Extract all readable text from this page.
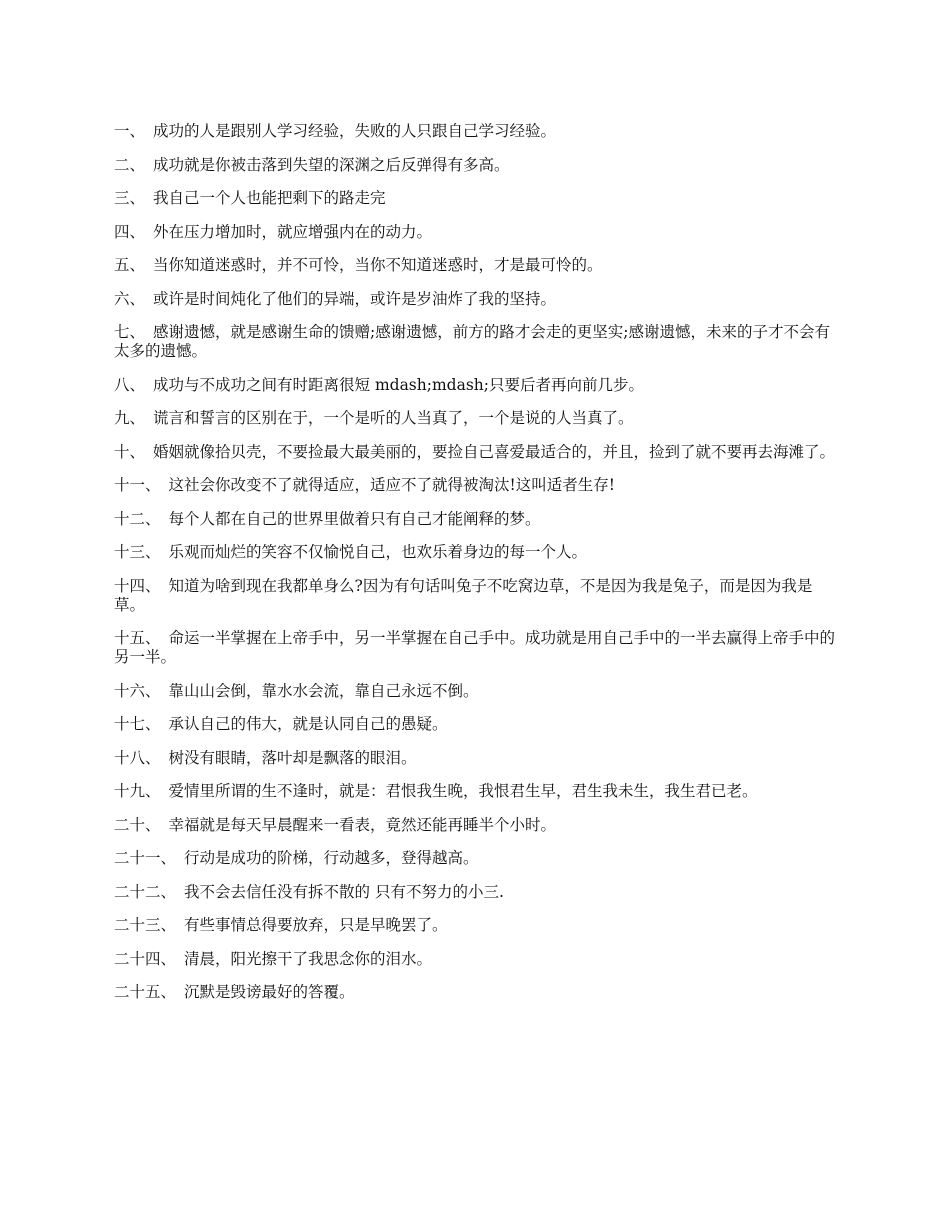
一、 成功的人是跟别人学习经验，失败的人只跟自己学习经验。
二、 成功就是你被击落到失望的深渊之后反弹得有多高。
三、 我自己一个人也能把剩下的路走完
四、 外在压力增加时，就应增强内在的动力。
五、 当你知道迷惑时，并不可怜，当你不知道迷惑时，才是最可怜的。
六、 或许是时间炖化了他们的异端，或许是岁油炸了我的坚持。
七、 感谢遗憾，就是感谢生命的馈赠;感谢遗憾，前方的路才会走的更坚实;感谢遗憾，未来的子才不会有太多的遗憾。
八、 成功与不成功之间有时距离很短 mdash;mdash;只要后者再向前几步。
九、 谎言和誓言的区别在于，一个是听的人当真了，一个是说的人当真了。
十、 婚姻就像拾贝壳，不要捡最大最美丽的，要捡自己喜爱最适合的，并且，捡到了就不要再去海滩了。
十一、 这社会你改变不了就得适应，适应不了就得被淘汰!这叫适者生存!
十二、 每个人都在自己的世界里做着只有自己才能阐释的梦。
十三、 乐观而灿烂的笑容不仅愉悦自己，也欢乐着身边的每一个人。
十四、 知道为啥到现在我都单身么?因为有句话叫兔子不吃窝边草，不是因为我是兔子，而是因为我是草。
十五、 命运一半掌握在上帝手中，另一半掌握在自己手中。成功就是用自己手中的一半去赢得上帝手中的另一半。
十六、 靠山山会倒，靠水水会流，靠自己永远不倒。
十七、 承认自己的伟大，就是认同自己的愚疑。
十八、 树没有眼睛，落叶却是飘落的眼泪。
十九、 爱情里所谓的生不逢时，就是：君恨我生晚，我恨君生早，君生我未生，我生君已老。
二十、 幸福就是每天早晨醒来一看表，竟然还能再睡半个小时。
二十一、 行动是成功的阶梯，行动越多，登得越高。
二十二、 我不会去信任没有拆不散的 只有不努力的小三.
二十三、 有些事情总得要放弃，只是早晚罢了。
二十四、 清晨，阳光擦干了我思念你的泪水。
二十五、 沉默是毁谤最好的答覆。
